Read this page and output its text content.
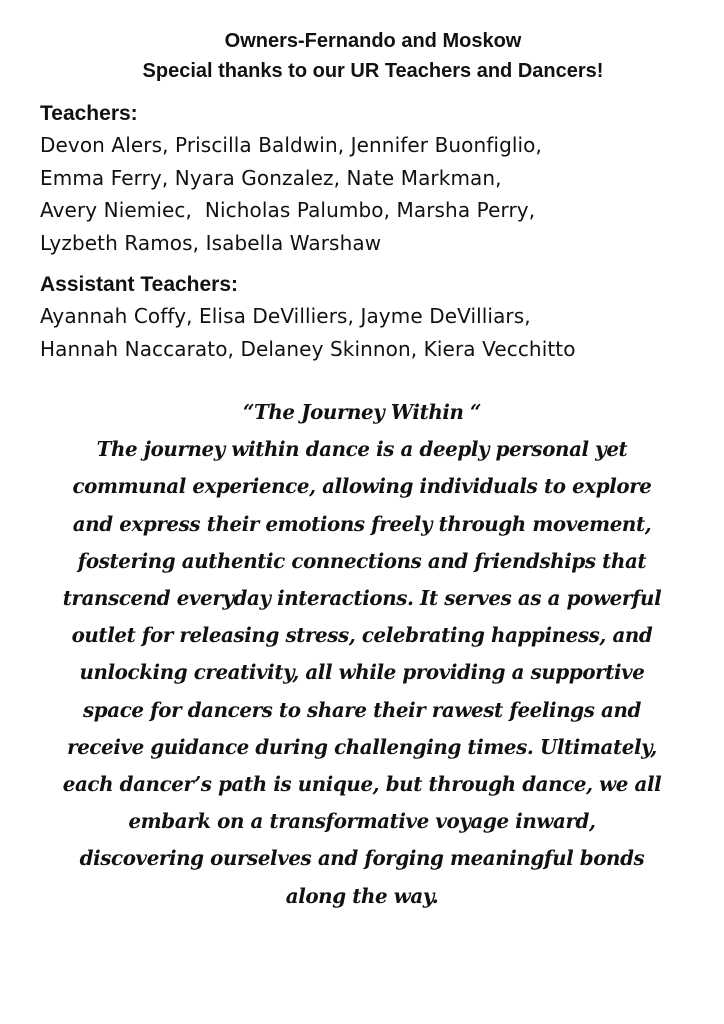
Owners-Fernando and Moskow
Special thanks to our UR Teachers and Dancers!
Teachers:
Devon Alers, Priscilla Baldwin, Jennifer Buonfiglio,
Emma Ferry, Nyara Gonzalez, Nate Markman,
Avery Niemiec,  Nicholas Palumbo, Marsha Perry,
Lyzbeth Ramos, Isabella Warshaw
Assistant Teachers:
Ayannah Coffy, Elisa DeVilliers, Jayme DeVilliars,
Hannah Naccarato, Delaney Skinnon, Kiera Vecchitto
“The Journey Within “
The journey within dance is a deeply personal yet
communal experience, allowing individuals to explore
and express their emotions freely through movement,
fostering authentic connections and friendships that
transcend everyday interactions. It serves as a powerful
outlet for releasing stress, celebrating happiness, and
unlocking creativity, all while providing a supportive
space for dancers to share their rawest feelings and
receive guidance during challenging times. Ultimately,
each dancer’s path is unique, but through dance, we all
embark on a transformative voyage inward,
discovering ourselves and forging meaningful bonds
along the way.
